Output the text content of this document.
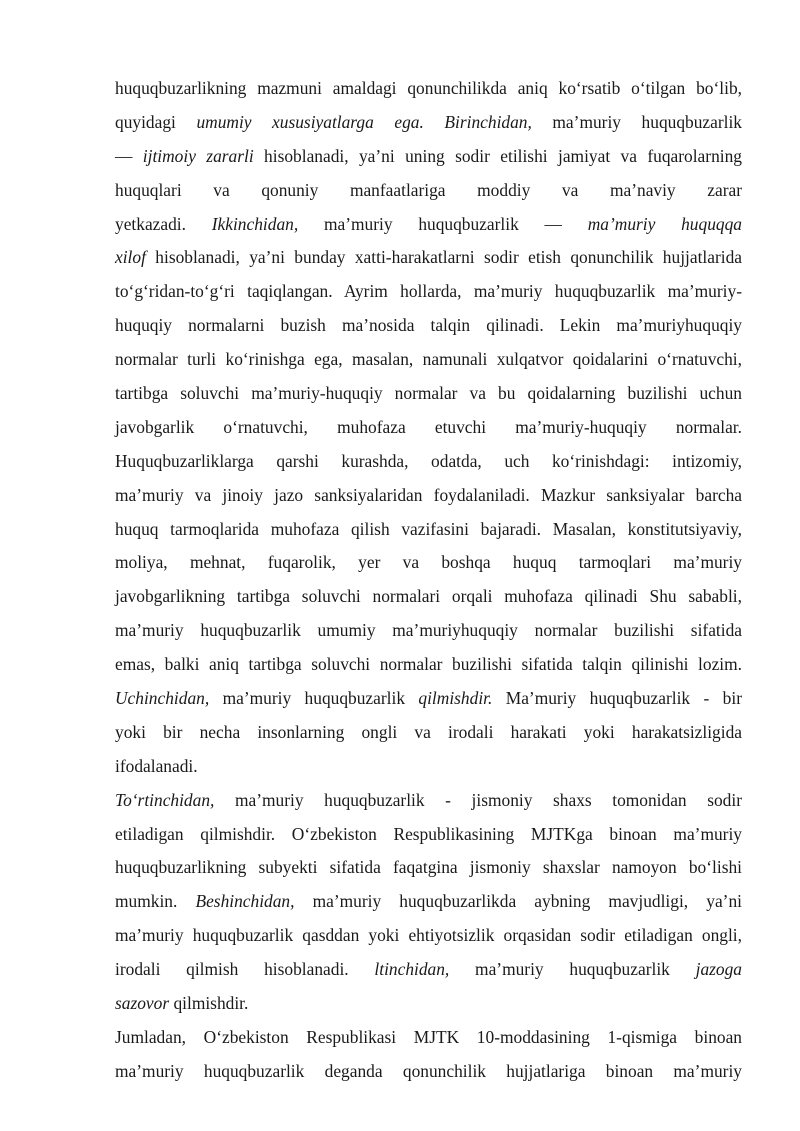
huquqbuzarlikning mazmuni amaldagi qonunchilikda aniq ko‘rsatib o‘tilgan bo‘lib,
quyidagi umumiy xususiyatlarga ega. Birinchidan, ma’muriy huquqbuzarlik
— ijtimoiy zararli hisoblanadi, ya’ni uning sodir etilishi jamiyat va fuqarolarning
huquqlari va qonuniy manfaatlariga moddiy va ma’naviy zarar
yetkazadi. Ikkinchidan, ma’muriy huquqbuzarlik — ma’muriy huquqqa
xilof hisoblanadi, ya’ni bunday xatti-harakatlarni sodir etish qonunchilik hujjatlarida
to‘g‘ridan-to‘g‘ri taqiqlangan. Ayrim hollarda, ma’muriy huquqbuzarlik ma’muriy-
huquqiy normalarni buzish ma’nosida talqin qilinadi. Lekin ma’muriyhuquqiy
normalar turli ko‘rinishga ega, masalan, namunali xulqatvor qoidalarini o‘rnatuvchi,
tartibga soluvchi ma’muriy-huquqiy normalar va bu qoidalarning buzilishi uchun
javobgarlik o‘rnatuvchi, muhofaza etuvchi ma’muriy-huquqiy normalar.
Huquqbuzarliklarga qarshi kurashda, odatda, uch ko‘rinishdagi: intizomiy,
ma’muriy va jinoiy jazo sanksiyalaridan foydalaniladi. Mazkur sanksiyalar barcha
huquq tarmoqlarida muhofaza qilish vazifasini bajaradi. Masalan, konstitutsiyaviy,
moliya, mehnat, fuqarolik, yer va boshqa huquq tarmoqlari ma’muriy
javobgarlikning tartibga soluvchi normalari orqali muhofaza qilinadi Shu sababli,
ma’muriy huquqbuzarlik umumiy ma’muriyhuquqiy normalar buzilishi sifatida
emas, balki aniq tartibga soluvchi normalar buzilishi sifatida talqin qilinishi lozim.
Uchinchidan, ma’muriy huquqbuzarlik qilmishdir. Ma’muriy huquqbuzarlik - bir
yoki bir necha insonlarning ongli va irodali harakati yoki harakatsizligida
ifodalanadi.
To‘rtinchidan, ma’muriy huquqbuzarlik - jismoniy shaxs tomonidan sodir
etiladigan qilmishdir. O‘zbekiston Respublikasining MJTKga binoan ma’muriy
huquqbuzarlikning subyekti sifatida faqatgina jismoniy shaxslar namoyon bo‘lishi
mumkin. Beshinchidan, ma’muriy huquqbuzarlikda aybning mavjudligi, ya’ni
ma’muriy huquqbuzarlik qasddan yoki ehtiyotsizlik orqasidan sodir etiladigan ongli,
irodali qilmish hisoblanadi. ltinchidan, ma’muriy huquqbuzarlik jazoga
sazovor qilmishdir.
Jumladan, O‘zbekiston Respublikasi MJTK 10-moddasining 1-qismiga binoan
ma’muriy huquqbuzarlik deganda qonunchilik hujjatlariga binoan ma’muriy
